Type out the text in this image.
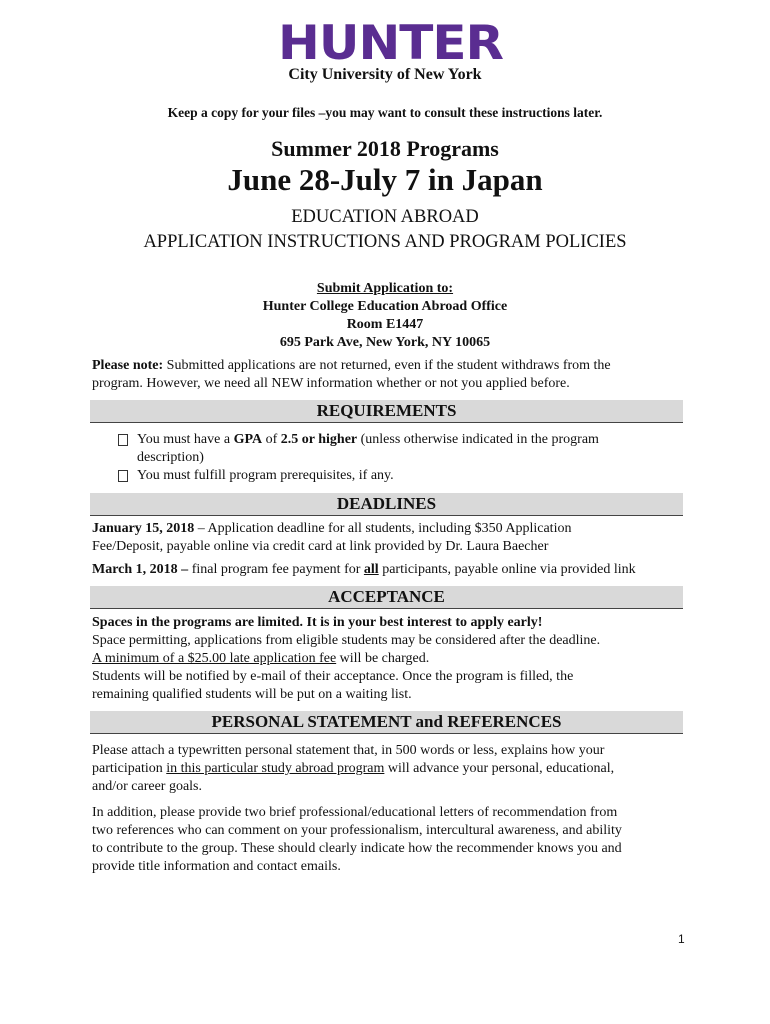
HUNTER
City University of New York
Keep a copy for your files –you may want to consult these instructions later.
Summer 2018 Programs
June 28-July 7 in Japan
EDUCATION ABROAD
APPLICATION INSTRUCTIONS AND PROGRAM POLICIES
Submit Application to:
Hunter College Education Abroad Office
Room E1447
695 Park Ave, New York, NY 10065
Please note: Submitted applications are not returned, even if the student withdraws from the
program. However, we need all NEW information whether or not you applied before.
REQUIREMENTS
You must have a GPA of 2.5 or higher (unless otherwise indicated in the program
description)
You must fulfill program prerequisites, if any.
DEADLINES
January 15, 2018 – Application deadline for all students, including $350 Application
Fee/Deposit, payable online via credit card at link provided by Dr. Laura Baecher
March 1, 2018 – final program fee payment for all participants, payable online via provided link
ACCEPTANCE
Spaces in the programs are limited. It is in your best interest to apply early!
Space permitting, applications from eligible students may be considered after the deadline.
A minimum of a $25.00 late application fee will be charged.
Students will be notified by e-mail of their acceptance. Once the program is filled, the
remaining qualified students will be put on a waiting list.
PERSONAL STATEMENT and REFERENCES
Please attach a typewritten personal statement that, in 500 words or less, explains how your
participation in this particular study abroad program will advance your personal, educational,
and/or career goals.
In addition, please provide two brief professional/educational letters of recommendation from
two references who can comment on your professionalism, intercultural awareness, and ability
to contribute to the group. These should clearly indicate how the recommender knows you and
provide title information and contact emails.
1
